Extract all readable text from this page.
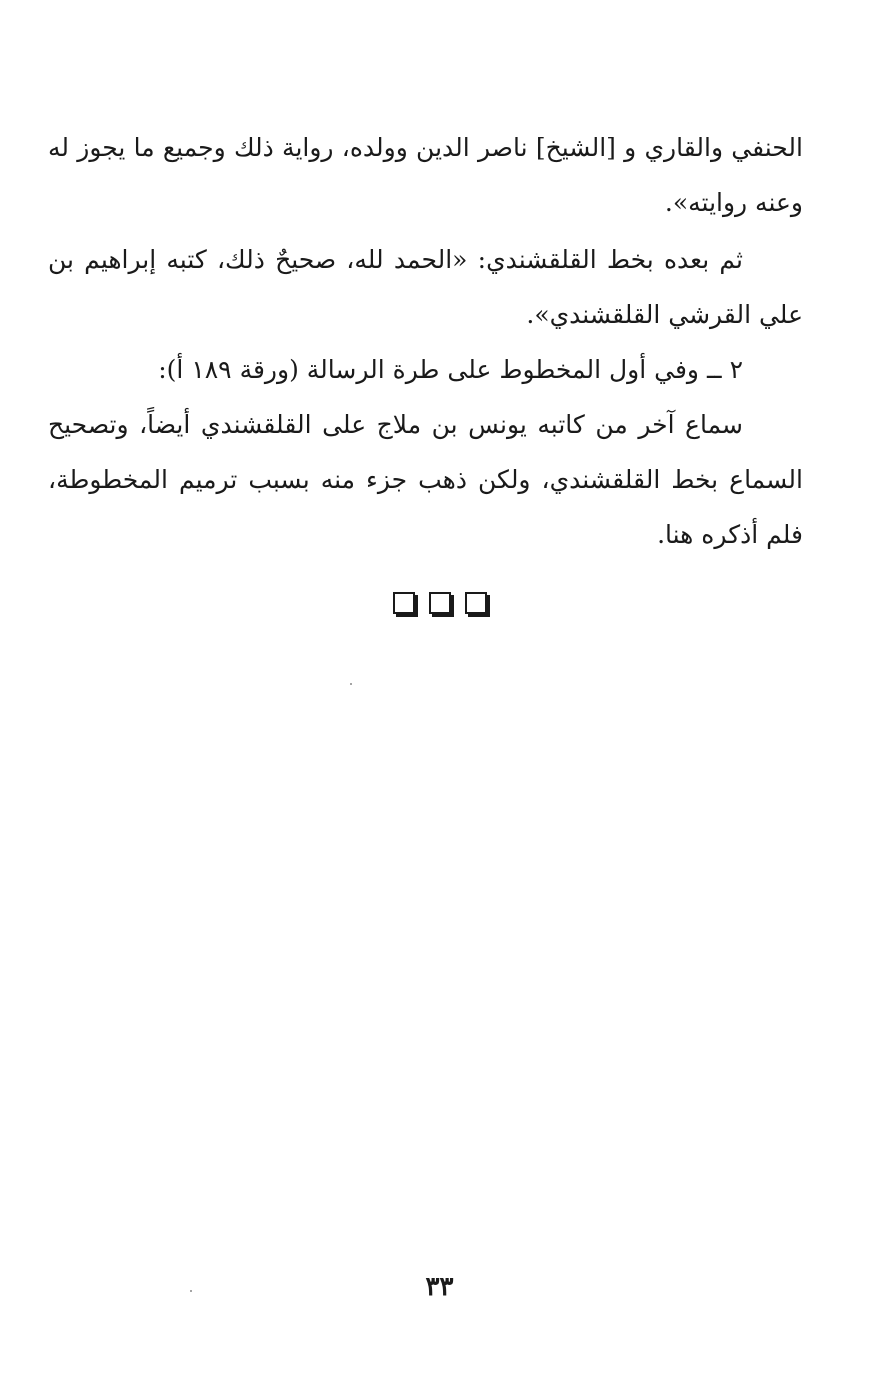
الحنفي والقاري و [الشيخ] ناصر الدين وولده، رواية ذلك وجميع ما يجوز له وعنه روايته».

ثم بعده بخط القلقشندي: «الحمد لله، صحيحٌ ذلك، كتبه إبراهيم بن علي القرشي القلقشندي».

٢ ــ وفي أول المخطوط على طرة الرسالة (ورقة ١٨٩ أ):

سماع آخر من كاتبه يونس بن ملاج على القلقشندي أيضاً، وتصحيح السماع بخط القلقشندي، ولكن ذهب جزء منه بسبب ترميم المخطوطة، فلم أذكره هنا.

٣٣
